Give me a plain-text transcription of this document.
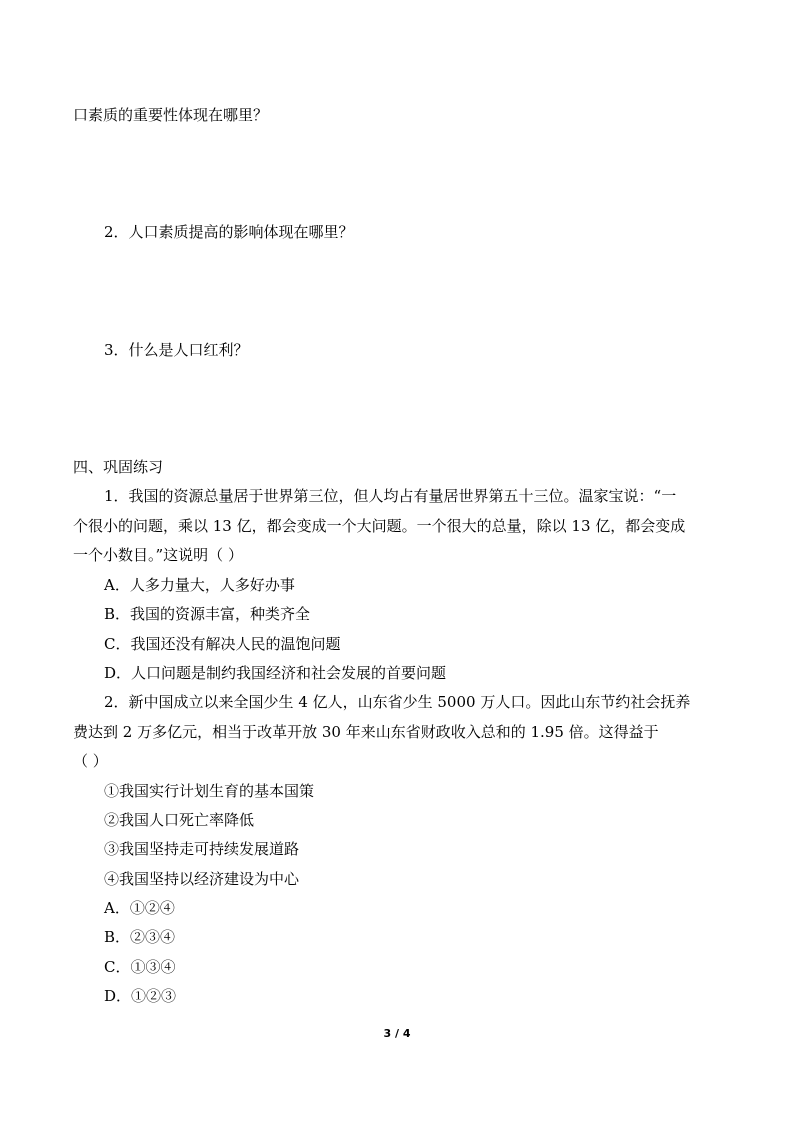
口素质的重要性体现在哪里？
2．人口素质提高的影响体现在哪里？
3．什么是人口红利？
四、巩固练习
1．我国的资源总量居于世界第三位，但人均占有量居世界第五十三位。温家宝说：“一
个很小的问题，乘以 13 亿，都会变成一个大问题。一个很大的总量，除以 13 亿，都会变成
一个小数目。”这说明（ ）
A．人多力量大，人多好办事
B．我国的资源丰富，种类齐全
C．我国还没有解决人民的温饱问题
D．人口问题是制约我国经济和社会发展的首要问题
2．新中国成立以来全国少生 4 亿人，山东省少生 5000 万人口。因此山东节约社会抚养
费达到 2 万多亿元，相当于改革开放 30 年来山东省财政收入总和的 1.95 倍。这得益于
（ ）
①我国实行计划生育的基本国策
②我国人口死亡率降低
③我国坚持走可持续发展道路
④我国坚持以经济建设为中心
A．①②④
B．②③④
C．①③④
D．①②③
3 / 4
